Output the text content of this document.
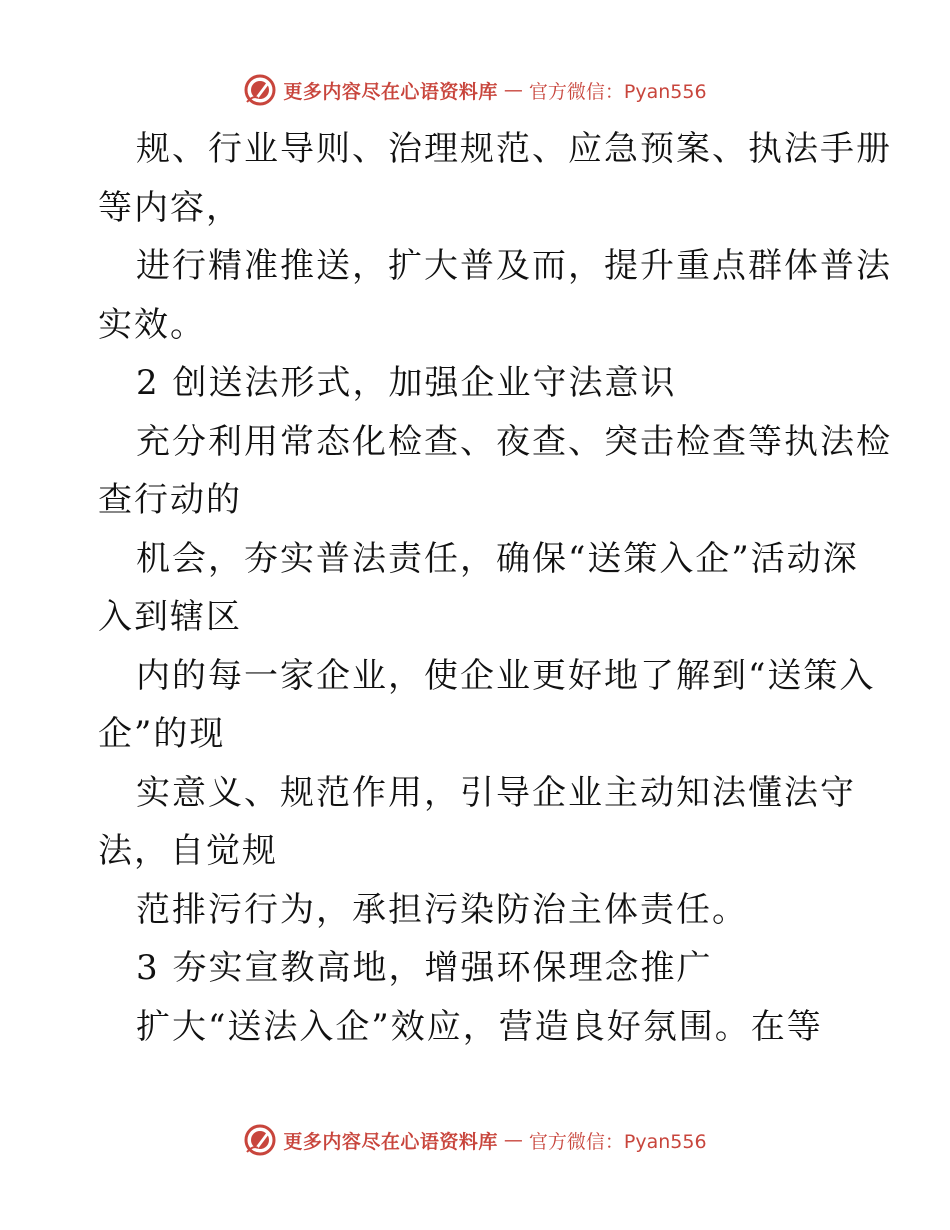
更多内容尽在心语资料库 — 官方微信：Pyan556
规、行业导则、治理规范、应急预案、执法手册
等内容，
进行精准推送，扩大普及而，提升重点群体普法
实效。
2 创送法形式，加强企业守法意识
充分利用常态化检查、夜查、突击检查等执法检
查行动的
机会，夯实普法责任，确保“送策入企”活动深
入到辖区
内的每一家企业，使企业更好地了解到“送策入
企”的现
实意义、规范作用，引导企业主动知法懂法守
法，自觉规
范排污行为，承担污染防治主体责任。
3 夯实宣教高地，增强环保理念推广
扩大“送法入企”效应，营造良好氛围。在等
更多内容尽在心语资料库 — 官方微信：Pyan556
